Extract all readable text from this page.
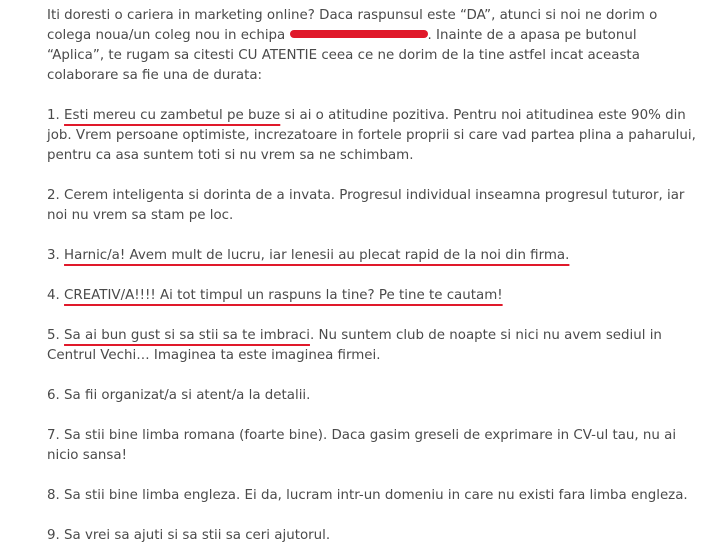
Iti doresti o cariera in marketing online? Daca raspunsul este “DA”, atunci si noi ne dorim o colega noua/un coleg nou in echipa	. Inainte de a apasa pe butonul “Aplica”, te rugam sa citesti CU ATENTIE ceea ce ne dorim de la tine astfel incat aceasta colaborare sa fie una de durata:

1. Esti mereu cu zambetul pe buze si ai o atitudine pozitiva. Pentru noi atitudinea este 90% din job. Vrem persoane optimiste, increzatoare in fortele proprii si care vad partea plina a paharului, pentru ca asa suntem toti si nu vrem sa ne schimbam.

2. Cerem inteligenta si dorinta de a invata. Progresul individual inseamna progresul tuturor, iar noi nu vrem sa stam pe loc.

3. Harnic/a! Avem mult de lucru, iar lenesii au plecat rapid de la noi din firma.

4. CREATIV/A!!!! Ai tot timpul un raspuns la tine? Pe tine te cautam!

5. Sa ai bun gust si sa stii sa te imbraci. Nu suntem club de noapte si nici nu avem sediul in Centrul Vechi… Imaginea ta este imaginea firmei.

6. Sa fii organizat/a si atent/a la detalii.

7. Sa stii bine limba romana (foarte bine). Daca gasim greseli de exprimare in CV-ul tau, nu ai nicio sansa!

8. Sa stii bine limba engleza. Ei da, lucram intr-un domeniu in care nu existi fara limba engleza.

9. Sa vrei sa ajuti si sa stii sa ceri ajutorul.
